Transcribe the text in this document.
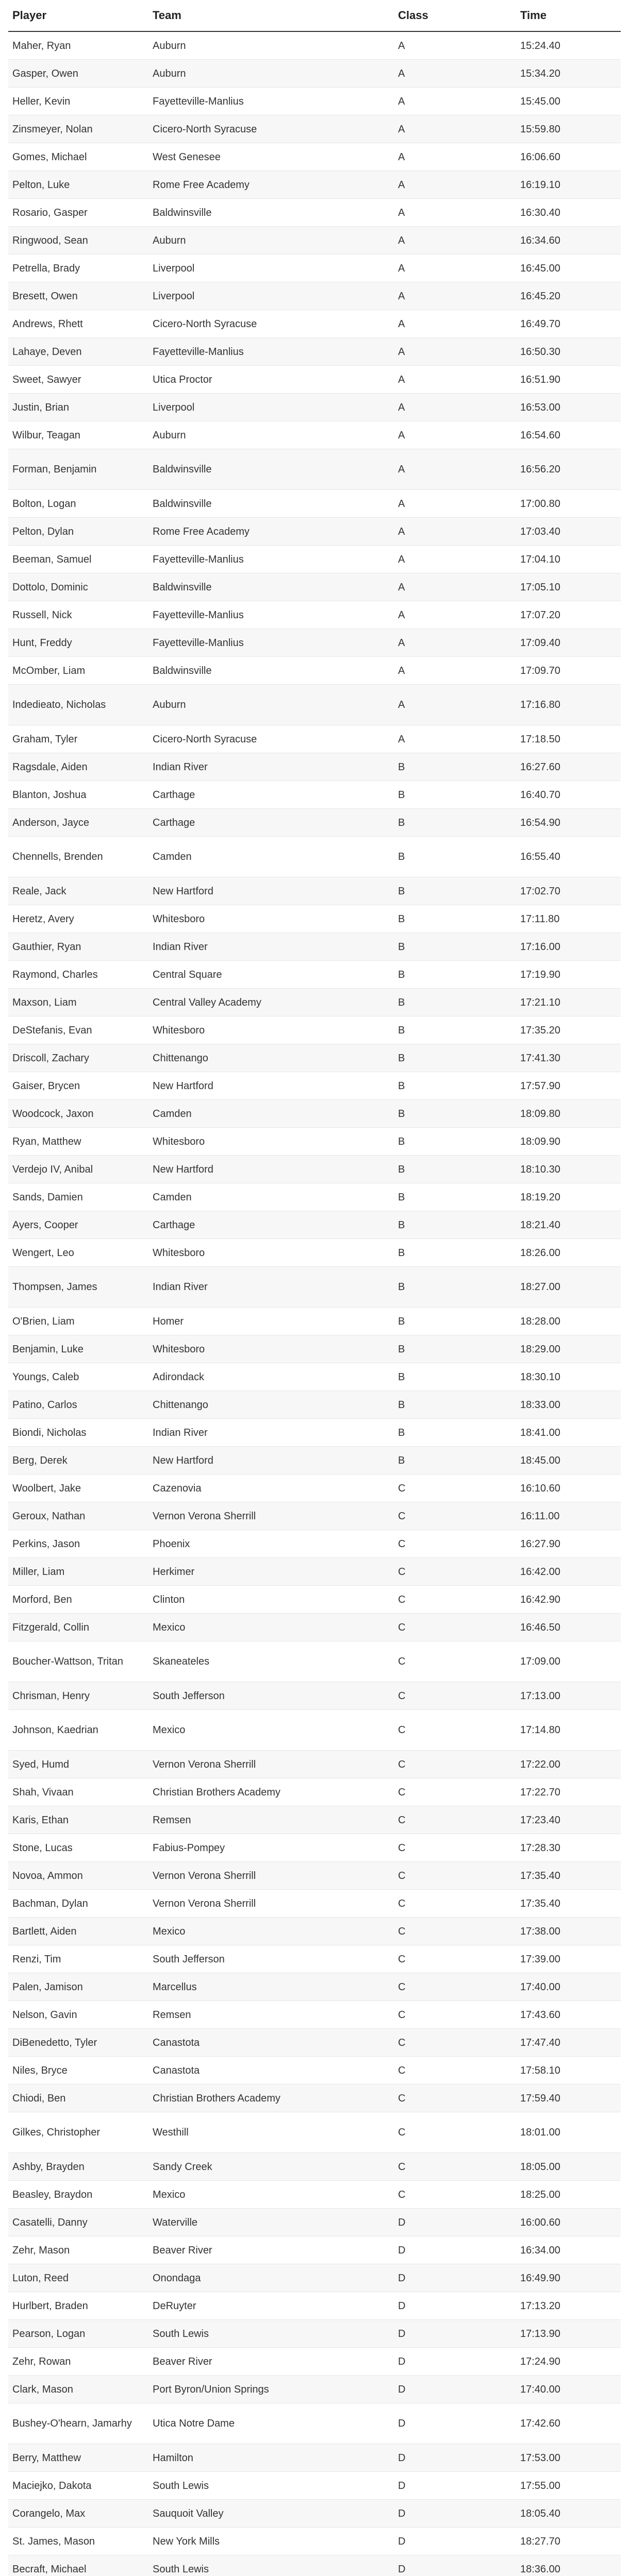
Player	Team	Class	Time
Maher, Ryan	Auburn	A	15:24.40
Gasper, Owen	Auburn	A	15:34.20
Heller, Kevin	Fayetteville-Manlius	A	15:45.00
Zinsmeyer, Nolan	Cicero-North Syracuse	A	15:59.80
Gomes, Michael	West Genesee	A	16:06.60
Pelton, Luke	Rome Free Academy	A	16:19.10
Rosario, Gasper	Baldwinsville	A	16:30.40
Ringwood, Sean	Auburn	A	16:34.60
Petrella, Brady	Liverpool	A	16:45.00
Bresett, Owen	Liverpool	A	16:45.20
Andrews, Rhett	Cicero-North Syracuse	A	16:49.70
Lahaye, Deven	Fayetteville-Manlius	A	16:50.30
Sweet, Sawyer	Utica Proctor	A	16:51.90
Justin, Brian	Liverpool	A	16:53.00
Wilbur, Teagan	Auburn	A	16:54.60
Forman, Benjamin	Baldwinsville	A	16:56.20
Bolton, Logan	Baldwinsville	A	17:00.80
Pelton, Dylan	Rome Free Academy	A	17:03.40
Beeman, Samuel	Fayetteville-Manlius	A	17:04.10
Dottolo, Dominic	Baldwinsville	A	17:05.10
Russell, Nick	Fayetteville-Manlius	A	17:07.20
Hunt, Freddy	Fayetteville-Manlius	A	17:09.40
McOmber, Liam	Baldwinsville	A	17:09.70
Indedieato, Nicholas	Auburn	A	17:16.80
Graham, Tyler	Cicero-North Syracuse	A	17:18.50
Ragsdale, Aiden	Indian River	B	16:27.60
Blanton, Joshua	Carthage	B	16:40.70
Anderson, Jayce	Carthage	B	16:54.90
Chennells, Brenden	Camden	B	16:55.40
Reale, Jack	New Hartford	B	17:02.70
Heretz, Avery	Whitesboro	B	17:11.80
Gauthier, Ryan	Indian River	B	17:16.00
Raymond, Charles	Central Square	B	17:19.90
Maxson, Liam	Central Valley Academy	B	17:21.10
DeStefanis, Evan	Whitesboro	B	17:35.20
Driscoll, Zachary	Chittenango	B	17:41.30
Gaiser, Brycen	New Hartford	B	17:57.90
Woodcock, Jaxon	Camden	B	18:09.80
Ryan, Matthew	Whitesboro	B	18:09.90
Verdejo IV, Anibal	New Hartford	B	18:10.30
Sands, Damien	Camden	B	18:19.20
Ayers, Cooper	Carthage	B	18:21.40
Wengert, Leo	Whitesboro	B	18:26.00
Thompsen, James	Indian River	B	18:27.00
O'Brien, Liam	Homer	B	18:28.00
Benjamin, Luke	Whitesboro	B	18:29.00
Youngs, Caleb	Adirondack	B	18:30.10
Patino, Carlos	Chittenango	B	18:33.00
Biondi, Nicholas	Indian River	B	18:41.00
Berg, Derek	New Hartford	B	18:45.00
Woolbert, Jake	Cazenovia	C	16:10.60
Geroux, Nathan	Vernon Verona Sherrill	C	16:11.00
Perkins, Jason	Phoenix	C	16:27.90
Miller, Liam	Herkimer	C	16:42.00
Morford, Ben	Clinton	C	16:42.90
Fitzgerald, Collin	Mexico	C	16:46.50
Boucher-Wattson, Tritan	Skaneateles	C	17:09.00
Chrisman, Henry	South Jefferson	C	17:13.00
Johnson, Kaedrian	Mexico	C	17:14.80
Syed, Humd	Vernon Verona Sherrill	C	17:22.00
Shah, Vivaan	Christian Brothers Academy	C	17:22.70
Karis, Ethan	Remsen	C	17:23.40
Stone, Lucas	Fabius-Pompey	C	17:28.30
Novoa, Ammon	Vernon Verona Sherrill	C	17:35.40
Bachman, Dylan	Vernon Verona Sherrill	C	17:35.40
Bartlett, Aiden	Mexico	C	17:38.00
Renzi, Tim	South Jefferson	C	17:39.00
Palen, Jamison	Marcellus	C	17:40.00
Nelson, Gavin	Remsen	C	17:43.60
DiBenedetto, Tyler	Canastota	C	17:47.40
Niles, Bryce	Canastota	C	17:58.10
Chiodi, Ben	Christian Brothers Academy	C	17:59.40
Gilkes, Christopher	Westhill	C	18:01.00
Ashby, Brayden	Sandy Creek	C	18:05.00
Beasley, Braydon	Mexico	C	18:25.00
Casatelli, Danny	Waterville	D	16:00.60
Zehr, Mason	Beaver River	D	16:34.00
Luton, Reed	Onondaga	D	16:49.90
Hurlbert, Braden	DeRuyter	D	17:13.20
Pearson, Logan	South Lewis	D	17:13.90
Zehr, Rowan	Beaver River	D	17:24.90
Clark, Mason	Port Byron/Union Springs	D	17:40.00
Bushey-O'hearn, Jamarhy	Utica Notre Dame	D	17:42.60
Berry, Matthew	Hamilton	D	17:53.00
Maciejko, Dakota	South Lewis	D	17:55.00
Corangelo, Max	Sauquoit Valley	D	18:05.40
St. James, Mason	New York Mills	D	18:27.70
Becraft, Michael	South Lewis	D	18:36.00
